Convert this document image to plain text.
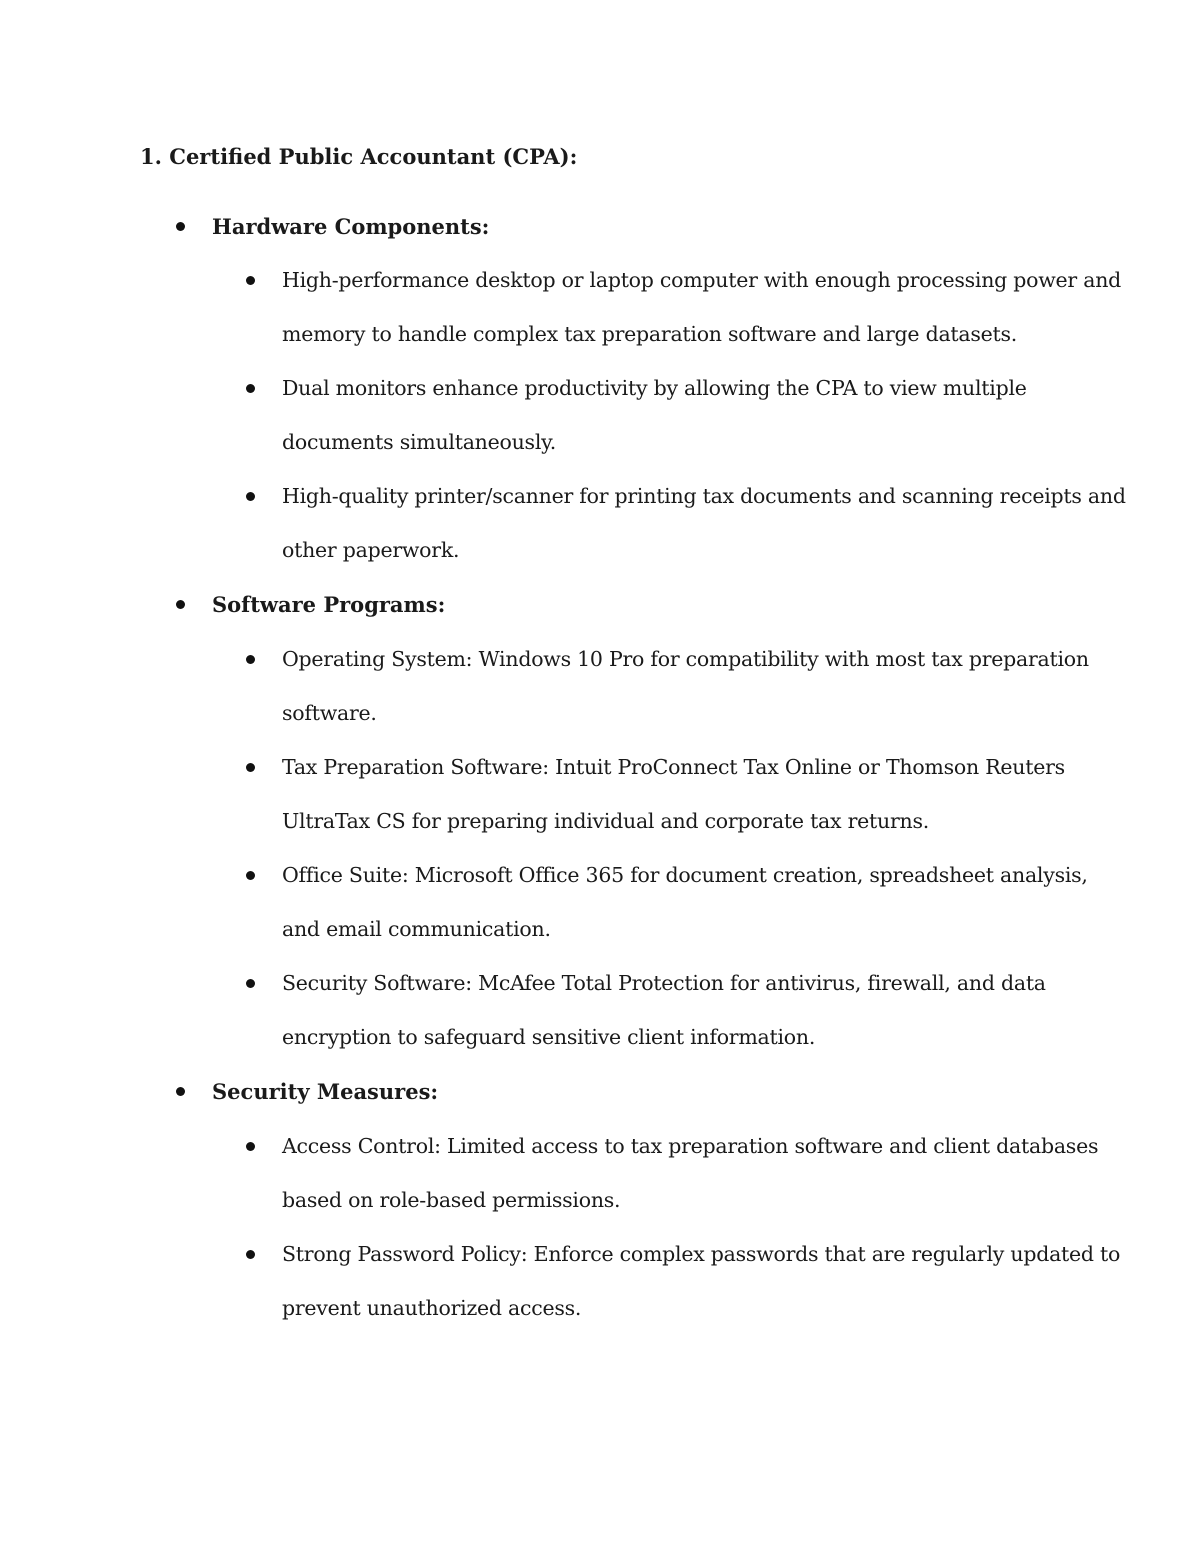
1. Certified Public Accountant (CPA):
Hardware Components:
High-performance desktop or laptop computer with enough processing power and
memory to handle complex tax preparation software and large datasets.
Dual monitors enhance productivity by allowing the CPA to view multiple
documents simultaneously.
High-quality printer/scanner for printing tax documents and scanning receipts and
other paperwork.
Software Programs:
Operating System: Windows 10 Pro for compatibility with most tax preparation
software.
Tax Preparation Software: Intuit ProConnect Tax Online or Thomson Reuters
UltraTax CS for preparing individual and corporate tax returns.
Office Suite: Microsoft Office 365 for document creation, spreadsheet analysis,
and email communication.
Security Software: McAfee Total Protection for antivirus, firewall, and data
encryption to safeguard sensitive client information.
Security Measures:
Access Control: Limited access to tax preparation software and client databases
based on role-based permissions.
Strong Password Policy: Enforce complex passwords that are regularly updated to
prevent unauthorized access.
